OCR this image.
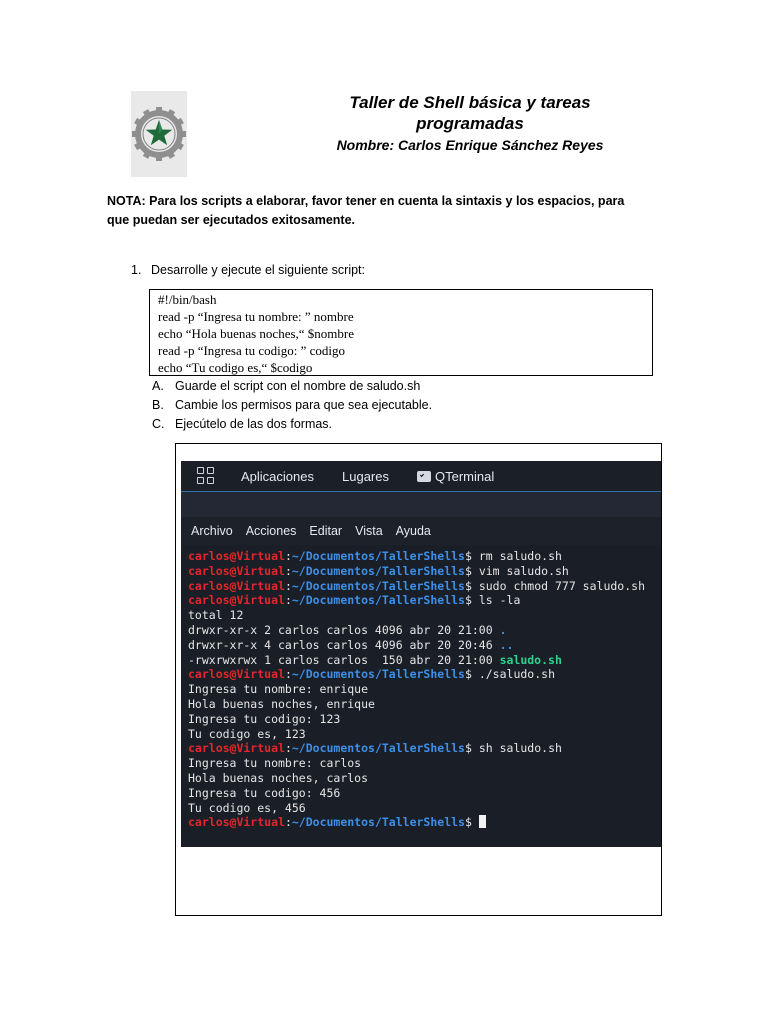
Taller de Shell básica y tareas

programadas

Nombre: Carlos Enrique Sánchez Reyes

NOTA: Para los scripts a elaborar, favor tener en cuenta la sintaxis y los espacios, para que puedan ser ejecutados exitosamente.
1. Desarrolle y ejecute el siguiente script:
#!/bin/bash
read -p “Ingresa tu nombre: ” nombre
echo “Hola buenas noches,“ $nombre
read -p “Ingresa tu codigo: ” codigo
echo “Tu codigo es,“ $codigo
A. Guarde el script con el nombre de saludo.sh
B. Cambie los permisos para que sea ejecutable.
C. Ejecútelo de las dos formas.
Aplicaciones Lugares	QTerminal
Archivo Acciones Editar Vista Ayuda
carlos@Virtual:~/Documentos/TallerShells$ rm saludo.sh
carlos@Virtual:~/Documentos/TallerShells$ vim saludo.sh
carlos@Virtual:~/Documentos/TallerShells$ sudo chmod 777 saludo.sh
carlos@Virtual:~/Documentos/TallerShells$ ls -la
total 12
drwxr-xr-x 2 carlos carlos 4096 abr 20 21:00 .
drwxr-xr-x 4 carlos carlos 4096 abr 20 20:46 ..
-rwxrwxrwx 1 carlos carlos  150 abr 20 21:00 saludo.sh
carlos@Virtual:~/Documentos/TallerShells$ ./saludo.sh
Ingresa tu nombre: enrique
Hola buenas noches, enrique
Ingresa tu codigo: 123
Tu codigo es, 123
carlos@Virtual:~/Documentos/TallerShells$ sh saludo.sh
Ingresa tu nombre: carlos
Hola buenas noches, carlos
Ingresa tu codigo: 456
Tu codigo es, 456
carlos@Virtual:~/Documentos/TallerShells$
